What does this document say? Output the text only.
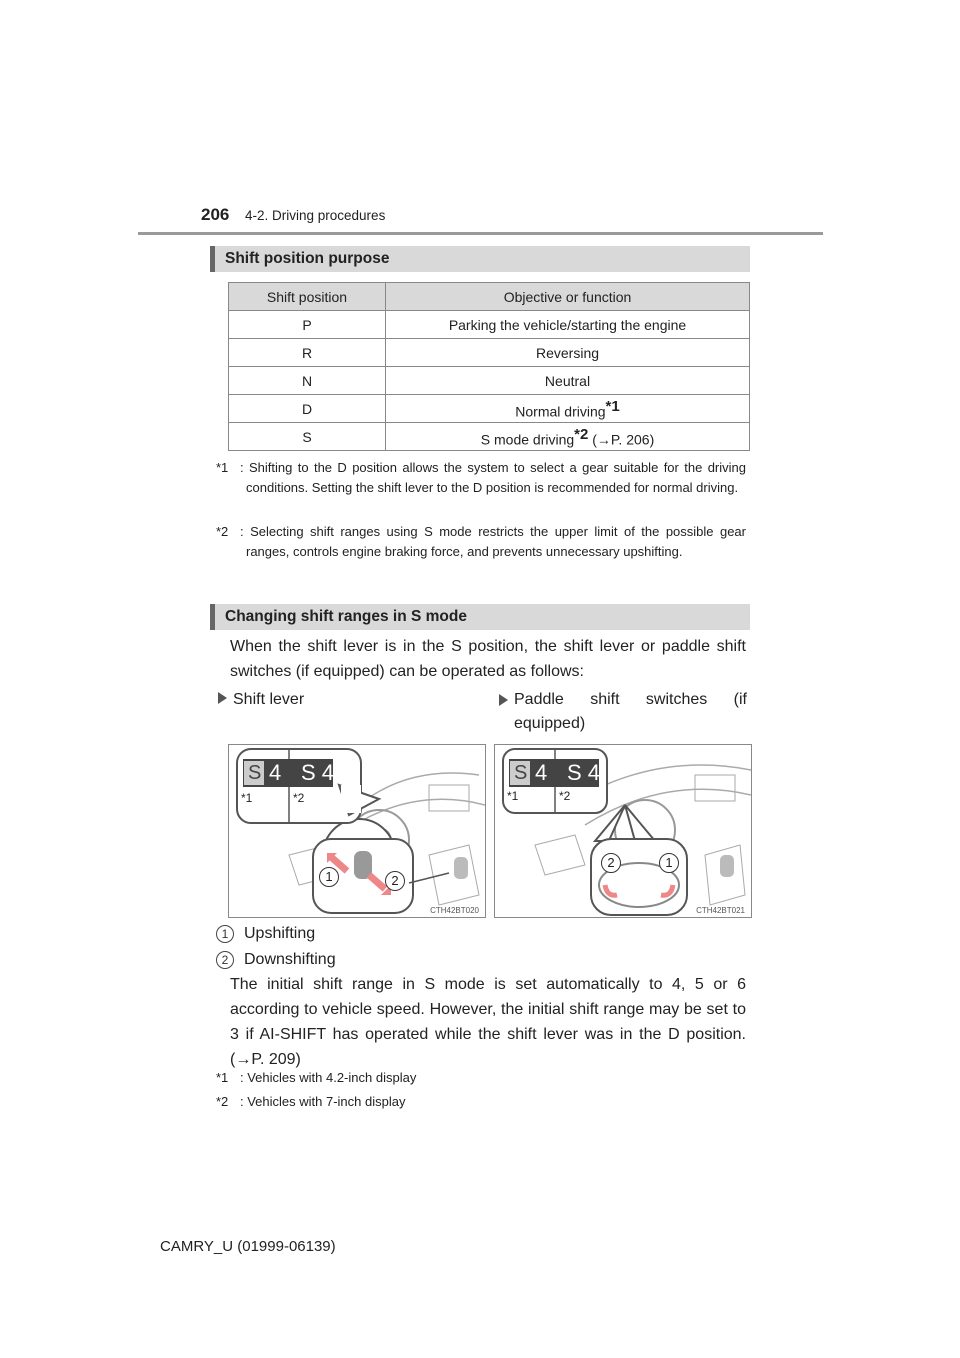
206 4-2. Driving procedures
Shift position purpose
Shift position	Objective or function
P	Parking the vehicle/starting the engine
R	Reversing
N	Neutral
D	Normal driving$^{*1}$
S	S mode driving$^{*2}$ (→P. 206)
*1 : Shifting to the D position allows the system to select a gear suitable for the driving conditions. Setting the shift lever to the D position is recommended for normal driving.
*2 : Selecting shift ranges using S mode restricts the upper limit of the possible gear ranges, controls engine braking force, and prevents unnecessary upshifting.
Changing shift ranges in S mode
When the shift lever is in the S position, the shift lever or paddle shift switches (if equipped) can be operated as follows:
Shift lever	Paddle shift switches (if equipped)
S 4 S 4
*1	*2
1	2
CTH42BT020
S 4 S 4
*1	*2
2	1
CTH42BT021
1 Upshifting
2 Downshifting
The initial shift range in S mode is set automatically to 4, 5 or 6 according to vehicle speed. However, the initial shift range may be set to 3 if AI-SHIFT has operated while the shift lever was in the D position. (→P. 209)
*1 : Vehicles with 4.2-inch display
*2 : Vehicles with 7-inch display
CAMRY_U (01999-06139)
